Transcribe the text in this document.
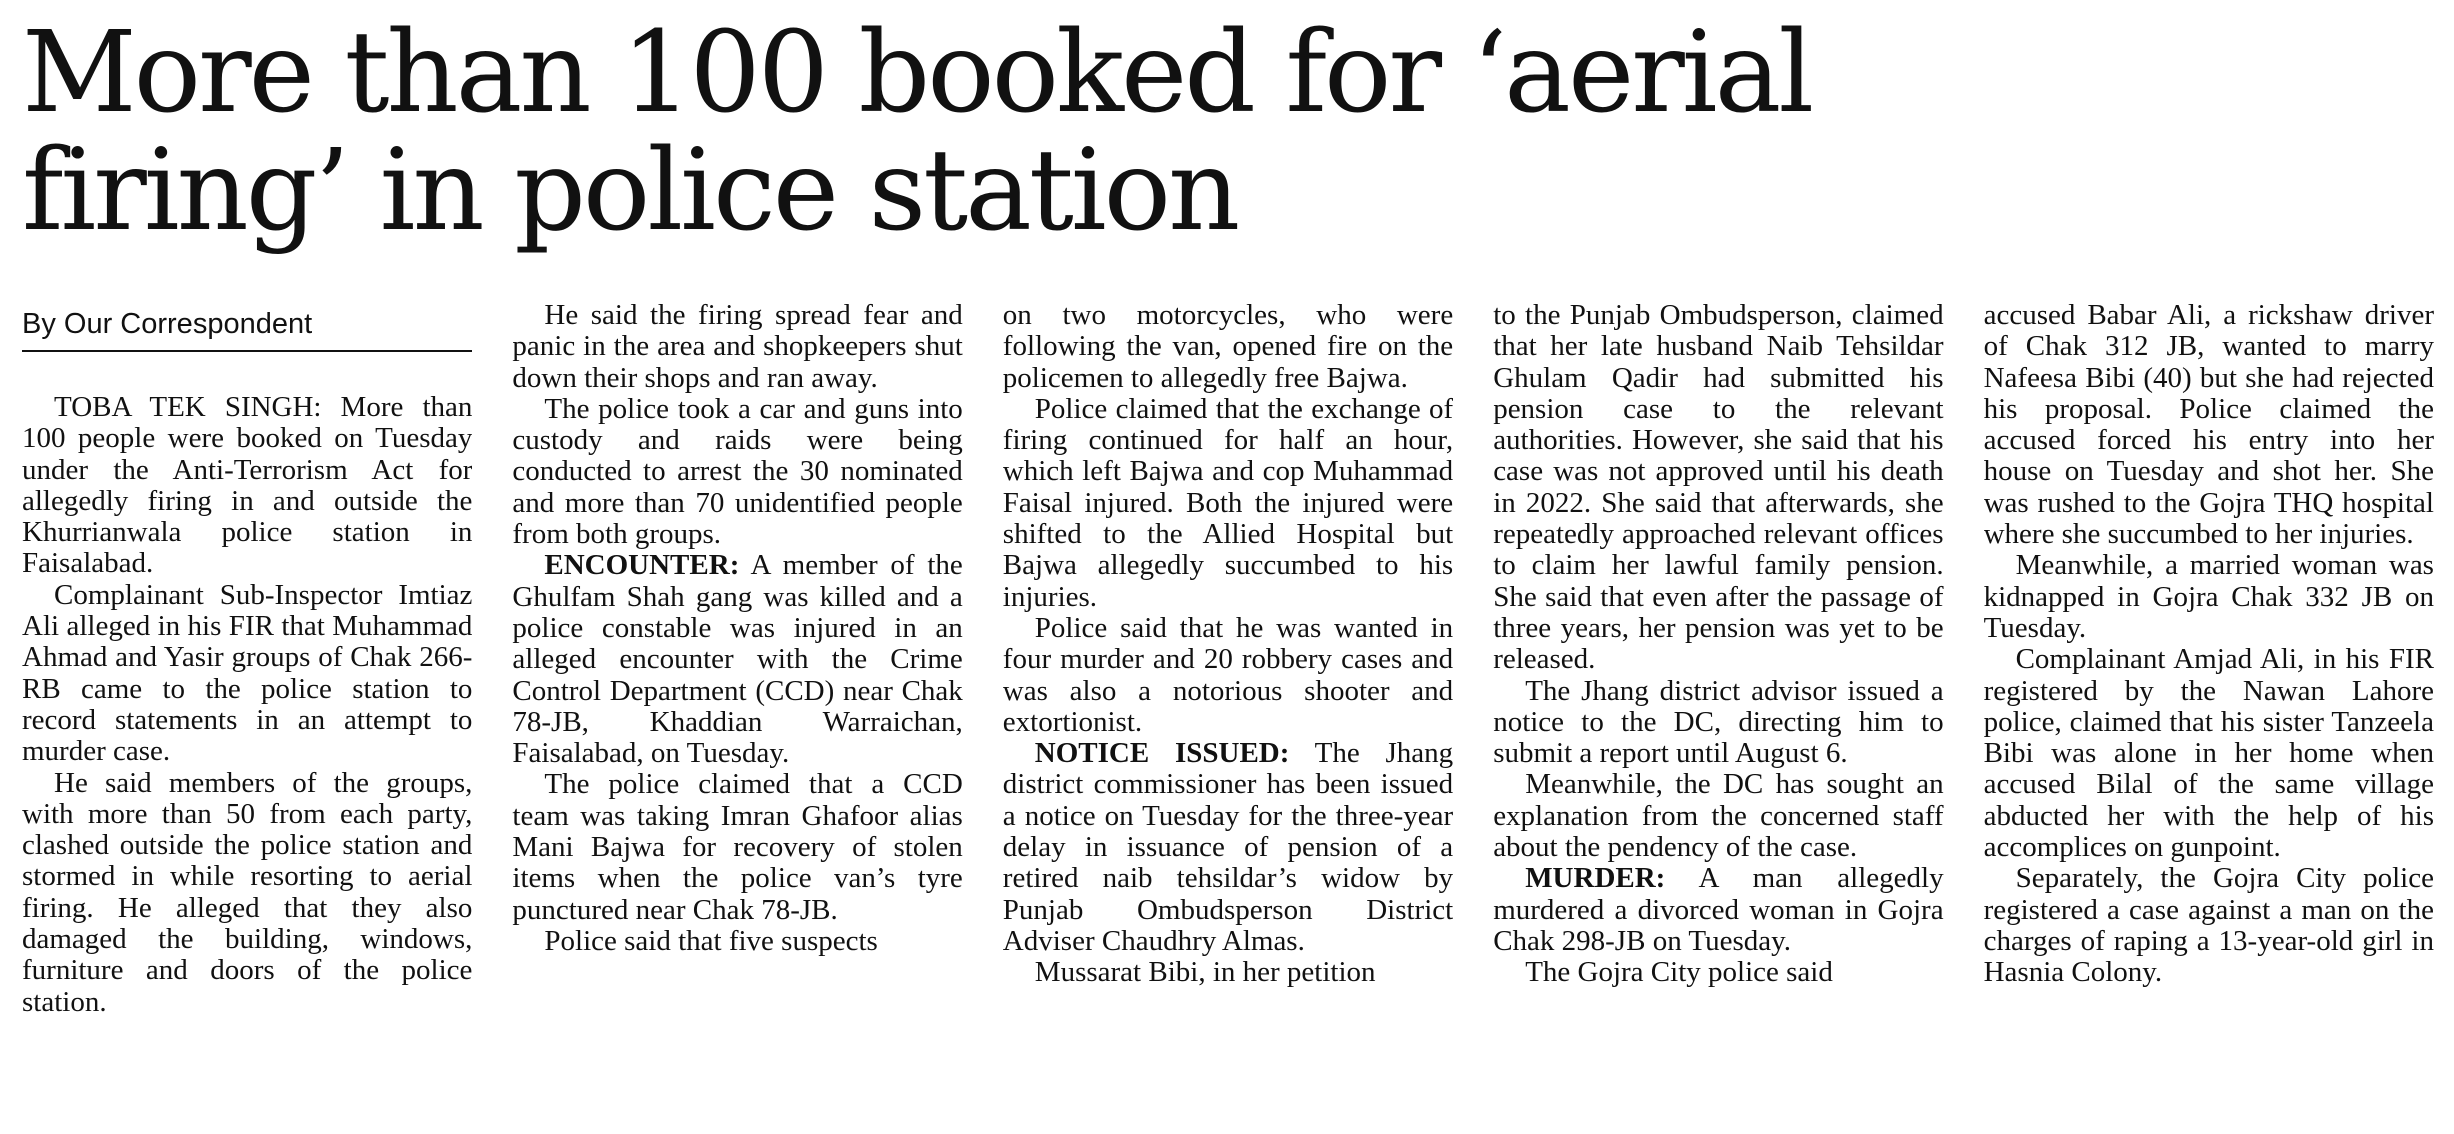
More than 100 booked for ‘aerial firing’ in police station
By Our Correspondent

TOBA TEK SINGH: More than 100 people were booked on Tuesday under the Anti-Terrorism Act for allegedly firing in and outside the Khurrianwala police station in Faisalabad.

Complainant Sub-Inspector Imtiaz Ali alleged in his FIR that Muhammad Ahmad and Yasir groups of Chak 266-RB came to the police station to record statements in an attempt to murder case.

He said members of the groups, with more than 50 from each party, clashed outside the police station and stormed in while resorting to aerial firing. He alleged that they also damaged the building, windows, furniture and doors of the police station.

He said the firing spread fear and panic in the area and shopkeepers shut down their shops and ran away.

The police took a car and guns into custody and raids were being conducted to arrest the 30 nominated and more than 70 unidentified people from both groups.

ENCOUNTER: A member of the Ghulfam Shah gang was killed and a police constable was injured in an alleged encounter with the Crime Control Department (CCD) near Chak 78-JB, Khaddian Warraichan, Faisalabad, on Tuesday.

The police claimed that a CCD team was taking Imran Ghafoor alias Mani Bajwa for recovery of stolen items when the police van’s tyre punctured near Chak 78-JB.

Police said that five suspects

on two motorcycles, who were following the van, opened fire on the policemen to allegedly free Bajwa.

Police claimed that the exchange of firing continued for half an hour, which left Bajwa and cop Muhammad Faisal injured. Both the injured were shifted to the Allied Hospital but Bajwa allegedly succumbed to his injuries.

Police said that he was wanted in four murder and 20 robbery cases and was also a notorious shooter and extortionist.

NOTICE ISSUED: The Jhang district commissioner has been issued a notice on Tuesday for the three-year delay in issuance of pension of a retired naib tehsildar’s widow by Punjab Ombudsperson District Adviser Chaudhry Almas.

Mussarat Bibi, in her petition

to the Punjab Ombudsperson, claimed that her late husband Naib Tehsildar Ghulam Qadir had submitted his pension case to the relevant authorities. However, she said that his case was not approved until his death in 2022. She said that afterwards, she repeatedly approached relevant offices to claim her lawful family pension. She said that even after the passage of three years, her pension was yet to be released.

The Jhang district advisor issued a notice to the DC, directing him to submit a report until August 6.

Meanwhile, the DC has sought an explanation from the concerned staff about the pendency of the case.

MURDER: A man allegedly murdered a divorced woman in Gojra Chak 298-JB on Tuesday.

The Gojra City police said

accused Babar Ali, a rickshaw driver of Chak 312 JB, wanted to marry Nafeesa Bibi (40) but she had rejected his proposal. Police claimed the accused forced his entry into her house on Tuesday and shot her. She was rushed to the Gojra THQ hospital where she succumbed to her injuries.

Meanwhile, a married woman was kidnapped in Gojra Chak 332 JB on Tuesday.

Complainant Amjad Ali, in his FIR registered by the Nawan Lahore police, claimed that his sister Tanzeela Bibi was alone in her home when accused Bilal of the same village abducted her with the help of his accomplices on gunpoint.

Separately, the Gojra City police registered a case against a man on the charges of raping a 13-year-old girl in Hasnia Colony.
